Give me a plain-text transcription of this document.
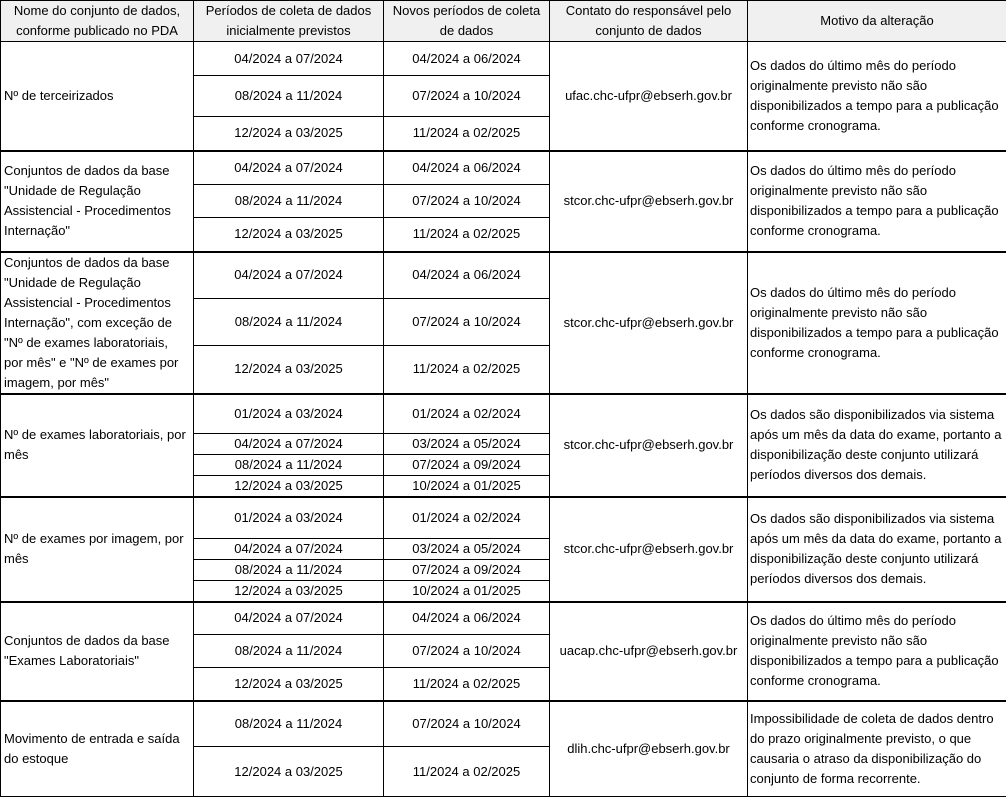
Nome do conjunto de dados, conforme publicado no PDA	Períodos de coleta de dados inicialmente previstos	Novos períodos de coleta de dados	Contato do responsável pelo conjunto de dados	Motivo da alteração
Nº de terceirizados	04/2024 a 07/2024	04/2024 a 06/2024	ufac.chc-ufpr@ebserh.gov.br	Os dados do último mês do período originalmente previsto não são disponibilizados a tempo para a publicação conforme cronograma.
	08/2024 a 11/2024	07/2024 a 10/2024		
	12/2024 a 03/2025	11/2024 a 02/2025		
Conjuntos de dados da base "Unidade de Regulação Assistencial - Procedimentos Internação"	04/2024 a 07/2024	04/2024 a 06/2024	stcor.chc-ufpr@ebserh.gov.br	Os dados do último mês do período originalmente previsto não são disponibilizados a tempo para a publicação conforme cronograma.
	08/2024 a 11/2024	07/2024 a 10/2024		
	12/2024 a 03/2025	11/2024 a 02/2025		
Conjuntos de dados da base "Unidade de Regulação Assistencial - Procedimentos Internação", com exceção de "Nº de exames laboratoriais, por mês" e "Nº de exames por imagem, por mês"	04/2024 a 07/2024	04/2024 a 06/2024	stcor.chc-ufpr@ebserh.gov.br	Os dados do último mês do período originalmente previsto não são disponibilizados a tempo para a publicação conforme cronograma.
	08/2024 a 11/2024	07/2024 a 10/2024		
	12/2024 a 03/2025	11/2024 a 02/2025		
Nº de exames laboratoriais, por mês	01/2024 a 03/2024	01/2024 a 02/2024	stcor.chc-ufpr@ebserh.gov.br	Os dados são disponibilizados via sistema após um mês da data do exame, portanto a disponibilização deste conjunto utilizará períodos diversos dos demais.
	04/2024 a 07/2024	03/2024 a 05/2024		
	08/2024 a 11/2024	07/2024 a 09/2024		
	12/2024 a 03/2025	10/2024 a 01/2025		
Nº de exames por imagem, por mês	01/2024 a 03/2024	01/2024 a 02/2024	stcor.chc-ufpr@ebserh.gov.br	Os dados são disponibilizados via sistema após um mês da data do exame, portanto a disponibilização deste conjunto utilizará períodos diversos dos demais.
	04/2024 a 07/2024	03/2024 a 05/2024		
	08/2024 a 11/2024	07/2024 a 09/2024		
	12/2024 a 03/2025	10/2024 a 01/2025		
Conjuntos de dados da base "Exames Laboratoriais"	04/2024 a 07/2024	04/2024 a 06/2024	uacap.chc-ufpr@ebserh.gov.br	Os dados do último mês do período originalmente previsto não são disponibilizados a tempo para a publicação conforme cronograma.
	08/2024 a 11/2024	07/2024 a 10/2024		
	12/2024 a 03/2025	11/2024 a 02/2025		
Movimento de entrada e saída do estoque	08/2024 a 11/2024	07/2024 a 10/2024	dlih.chc-ufpr@ebserh.gov.br	Impossibilidade de coleta de dados dentro do prazo originalmente previsto, o que causaria o atraso da disponibilização do conjunto de forma recorrente.
	12/2024 a 03/2025	11/2024 a 02/2025		
